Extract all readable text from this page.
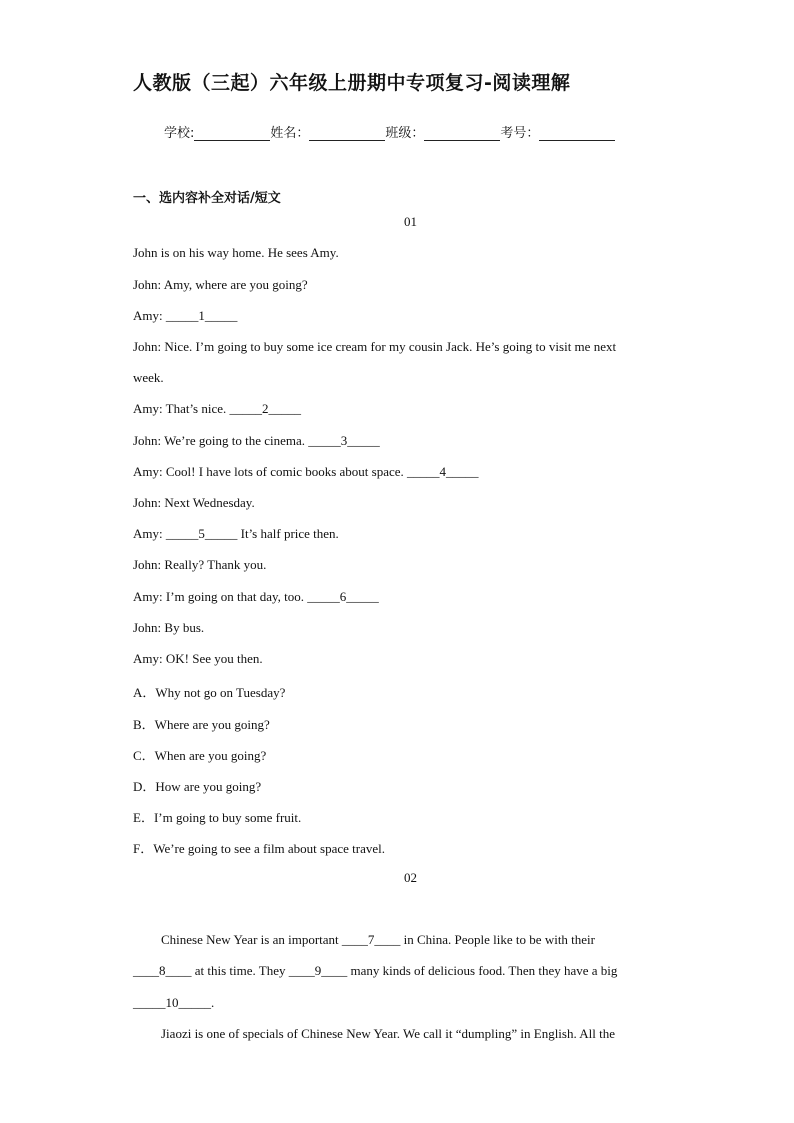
人教版（三起）六年级上册期中专项复习-阅读理解
学校:	姓名：	班级：	考号：
一、选内容补全对话/短文
01
John is on his way home. He sees Amy.
John: Amy, where are you going?
Amy: _____1_____
John: Nice. I’m going to buy some ice cream for my cousin Jack. He’s going to visit me next
week.
Amy: That’s nice. _____2_____
John: We’re going to the cinema. _____3_____
Amy: Cool! I have lots of comic books about space. _____4_____
John: Next Wednesday.
Amy: _____5_____ It’s half price then.
John: Really? Thank you.
Amy: I’m going on that day, too. _____6_____
John: By bus.
Amy: OK! See you then.
A．Why not go on Tuesday?
B．Where are you going?
C．When are you going?
D．How are you going?
E．I’m going to buy some fruit.
F．We’re going to see a film about space travel.
02
Chinese New Year is an important ____7____ in China. People like to be with their
____8____ at this time. They ____9____ many kinds of delicious food. Then they have a big
_____10_____.
Jiaozi is one of specials of Chinese New Year. We call it “dumpling” in English. All the
